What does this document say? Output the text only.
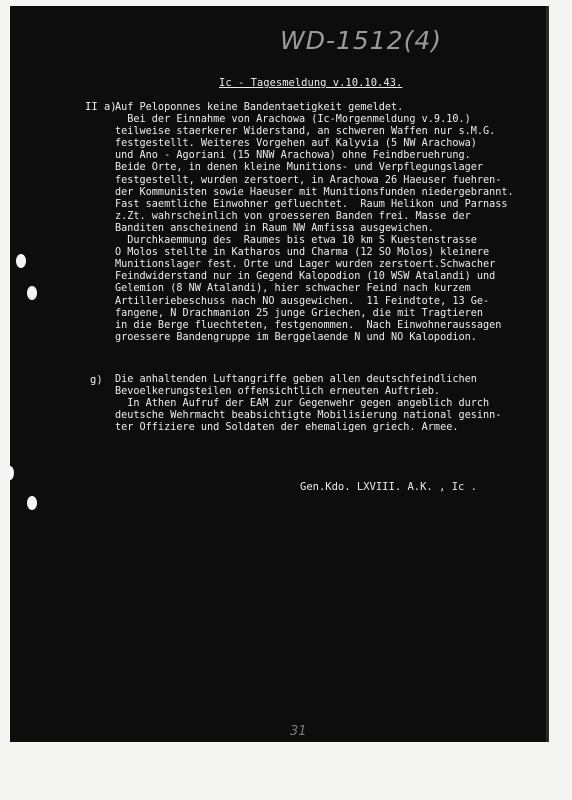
WD-1512(4)
Ic - Tagesmeldung v.10.10.43.
II a)
Auf Peloponnes keine Bandentaetigkeit gemeldet.
Bei der Einnahme von Arachowa (Ic-Morgenmeldung v.9.10.)
teilweise staerkerer Widerstand, an schweren Waffen nur s.M.G.
festgestellt. Weiteres Vorgehen auf Kalyvia (5 NW Arachowa)
und Ano - Agoriani (15 NNW Arachowa) ohne Feindberuehrung.
Beide Orte, in denen kleine Munitions- und Verpflegungslager
festgestellt, wurden zerstoert, in Arachowa 26 Haeuser fuehren-
der Kommunisten sowie Haeuser mit Munitionsfunden niedergebrannt.
Fast saemtliche Einwohner gefluechtet.  Raum Helikon und Parnass
z.Zt. wahrscheinlich von groesseren Banden frei. Masse der
Banditen anscheinend in Raum NW Amfissa ausgewichen.
Durchkaemmung des  Raumes bis etwa 10 km S Kuestenstrasse
O Molos stellte in Katharos und Charma (12 SO Molos) kleinere
Munitionslager fest. Orte und Lager wurden zerstoert.Schwacher
Feindwiderstand nur in Gegend Kalopodion (10 WSW Atalandi) und
Gelemion (8 NW Atalandi), hier schwacher Feind nach kurzem
Artilleriebeschuss nach NO ausgewichen.  11 Feindtote, 13 Ge-
fangene, N Drachmanion 25 junge Griechen, die mit Tragtieren
in die Berge fluechteten, festgenommen.  Nach Einwohneraussagen
groessere Bandengruppe im Berggelaende N und NO Kalopodion.
g) Die anhaltenden Luftangriffe geben allen deutschfeindlichen
Bevoelkerungsteilen offensichtlich erneuten Auftrieb.
In Athen Aufruf der EAM zur Gegenwehr gegen angeblich durch
deutsche Wehrmacht beabsichtigte Mobilisierung national gesinn-
ter Offiziere und Soldaten der ehemaligen griech. Armee.
Gen.Kdo. LXVIII. A.K. , Ic .
31
